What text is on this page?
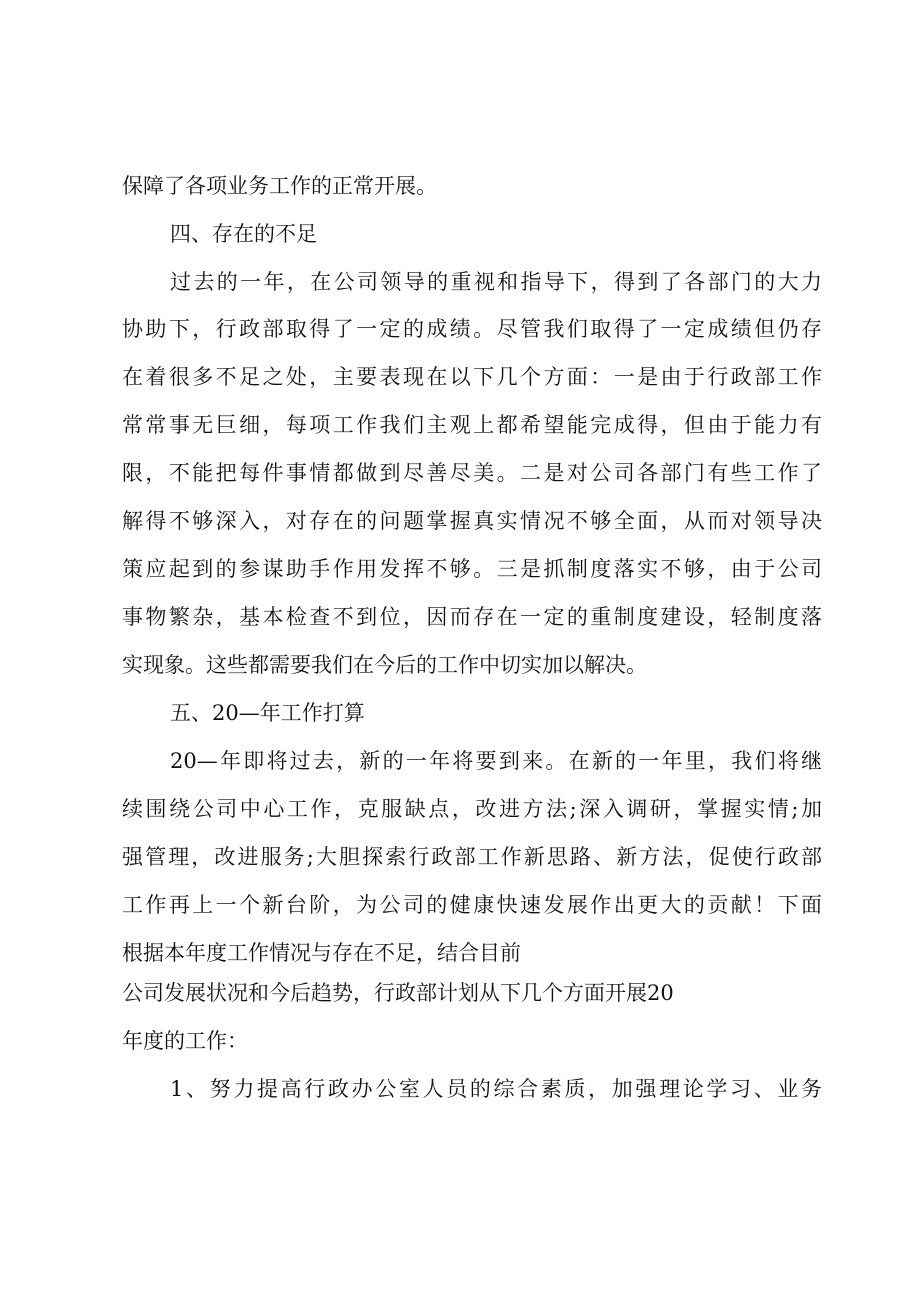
保障了各项业务工作的正常开展。

四、存在的不足

过去的一年，在公司领导的重视和指导下，得到了各部门的大力

协助下，行政部取得了一定的成绩。尽管我们取得了一定成绩但仍存

在着很多不足之处，主要表现在以下几个方面：一是由于行政部工作

常常事无巨细，每项工作我们主观上都希望能完成得，但由于能力有

限，不能把每件事情都做到尽善尽美。二是对公司各部门有些工作了

解得不够深入，对存在的问题掌握真实情况不够全面，从而对领导决

策应起到的参谋助手作用发挥不够。三是抓制度落实不够，由于公司

事物繁杂，基本检查不到位，因而存在一定的重制度建设，轻制度落

实现象。这些都需要我们在今后的工作中切实加以解决。

五、20—年工作打算

20—年即将过去，新的一年将要到来。在新的一年里，我们将继

续围绕公司中心工作，克服缺点，改进方法;深入调研，掌握实情;加

强管理，改进服务;大胆探索行政部工作新思路、新方法，促使行政部

工作再上一个新台阶，为公司的健康快速发展作出更大的贡献！下面

根据本年度工作情况与存在不足，结合目前

公司发展状况和今后趋势，行政部计划从下几个方面开展20

年度的工作：

1、努力提高行政办公室人员的综合素质，加强理论学习、业务
